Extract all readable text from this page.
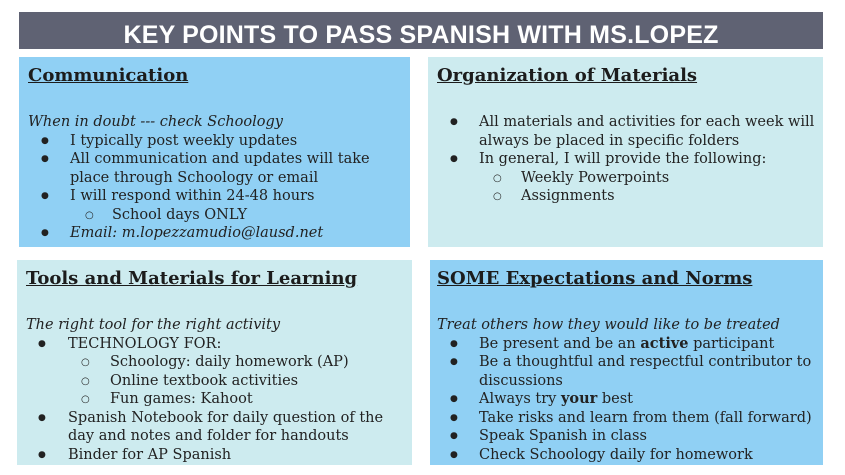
KEY POINTS TO PASS SPANISH WITH MS.LOPEZ
Communication
When in doubt --- check Schoology
● I typically post weekly updates
● All communication and updates will take place through Schoology or email
● I will respond within 24-48 hours
○ School days ONLY
● Email: m.lopezzamudio@lausd.net
Organization of Materials
● All materials and activities for each week will always be placed in specific folders
● In general, I will provide the following:
○ Weekly Powerpoints
○ Assignments
Tools and Materials for Learning
The right tool for the right activity
● TECHNOLOGY FOR:
○ Schoology: daily homework (AP)
○ Online textbook activities
○ Fun games: Kahoot
● Spanish Notebook for daily question of the day and notes and folder for handouts
● Binder for AP Spanish
SOME Expectations and Norms
Treat others how they would like to be treated
● Be present and be an active participant
● Be a thoughtful and respectful contributor to discussions
● Always try your best
● Take risks and learn from them (fall forward)
● Speak Spanish in class
● Check Schoology daily for homework
